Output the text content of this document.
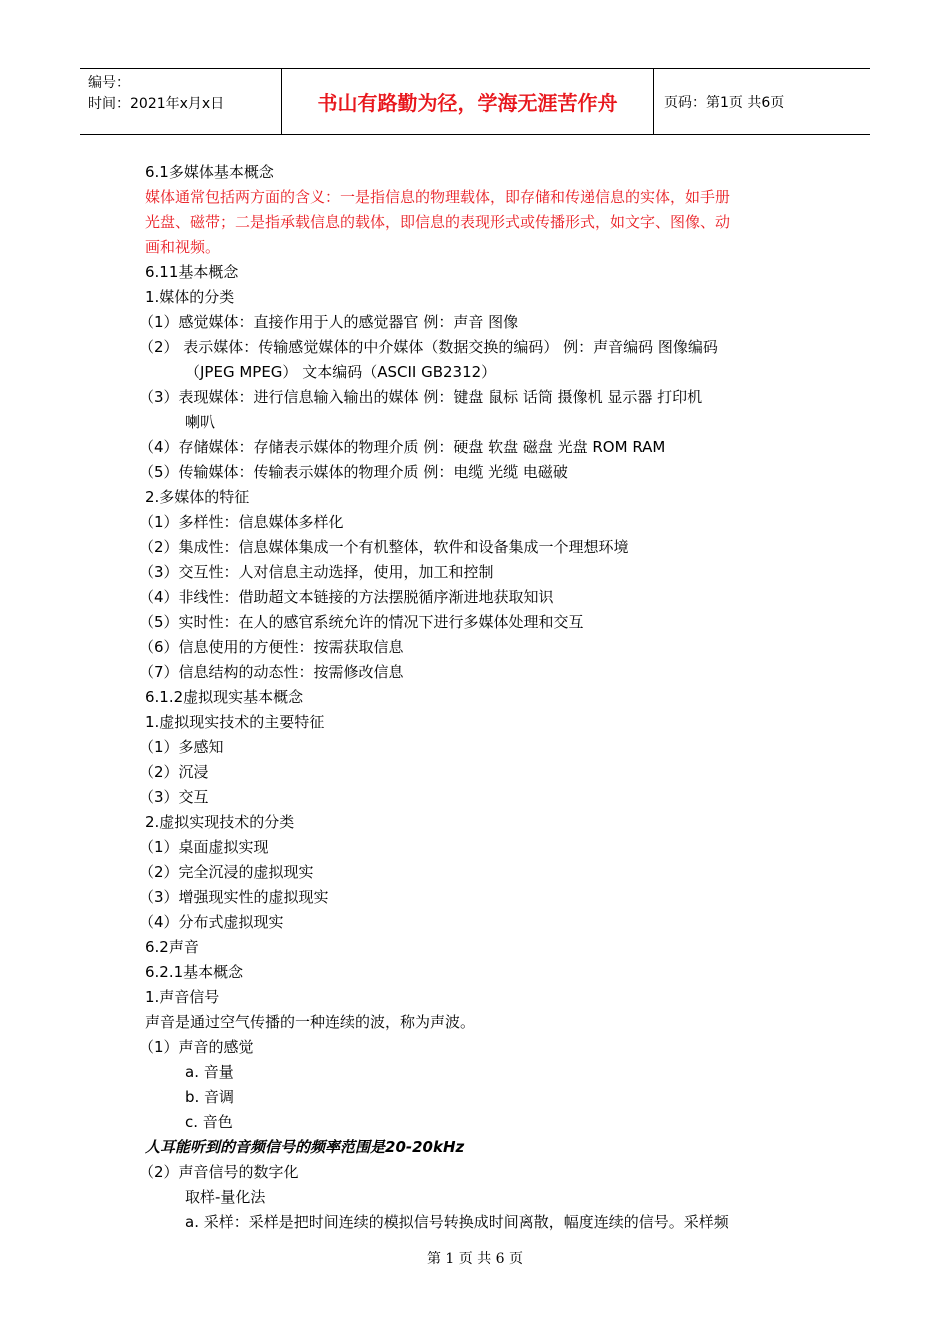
编号：
时间：2021年x月x日	书山有路勤为径，学海无涯苦作舟	页码：第1页 共6页
6.1多媒体基本概念
媒体通常包括两方面的含义：一是指信息的物理载体，即存储和传递信息的实体，如手册
光盘、磁带；二是指承载信息的载体，即信息的表现形式或传播形式，如文字、图像、动
画和视频。
6.11基本概念
1.媒体的分类
（1）感觉媒体：直接作用于人的感觉器官 例：声音 图像
（2） 表示媒体：传输感觉媒体的中介媒体（数据交换的编码） 例：声音编码 图像编码
（JPEG MPEG） 文本编码（ASCII GB2312）
（3）表现媒体：进行信息输入输出的媒体 例：键盘 鼠标 话筒 摄像机 显示器 打印机
喇叭
（4）存储媒体：存储表示媒体的物理介质 例：硬盘 软盘 磁盘 光盘 ROM RAM
（5）传输媒体：传输表示媒体的物理介质 例：电缆 光缆 电磁破
2.多媒体的特征
（1）多样性：信息媒体多样化
（2）集成性：信息媒体集成一个有机整体，软件和设备集成一个理想环境
（3）交互性：人对信息主动选择，使用，加工和控制
（4）非线性：借助超文本链接的方法摆脱循序渐进地获取知识
（5）实时性：在人的感官系统允许的情况下进行多媒体处理和交互
（6）信息使用的方便性：按需获取信息
（7）信息结构的动态性：按需修改信息
6.1.2虚拟现实基本概念
1.虚拟现实技术的主要特征
（1）多感知
（2）沉浸
（3）交互
2.虚拟实现技术的分类
（1）桌面虚拟实现
（2）完全沉浸的虚拟现实
（3）增强现实性的虚拟现实
（4）分布式虚拟现实
6.2声音
6.2.1基本概念
1.声音信号
声音是通过空气传播的一种连续的波，称为声波。
（1）声音的感觉
a. 音量
b. 音调
c. 音色
人耳能听到的音频信号的频率范围是20-20kHz
（2）声音信号的数字化
取样-量化法
a. 采样：采样是把时间连续的模拟信号转换成时间离散，幅度连续的信号。采样频
第 1 页 共 6 页
